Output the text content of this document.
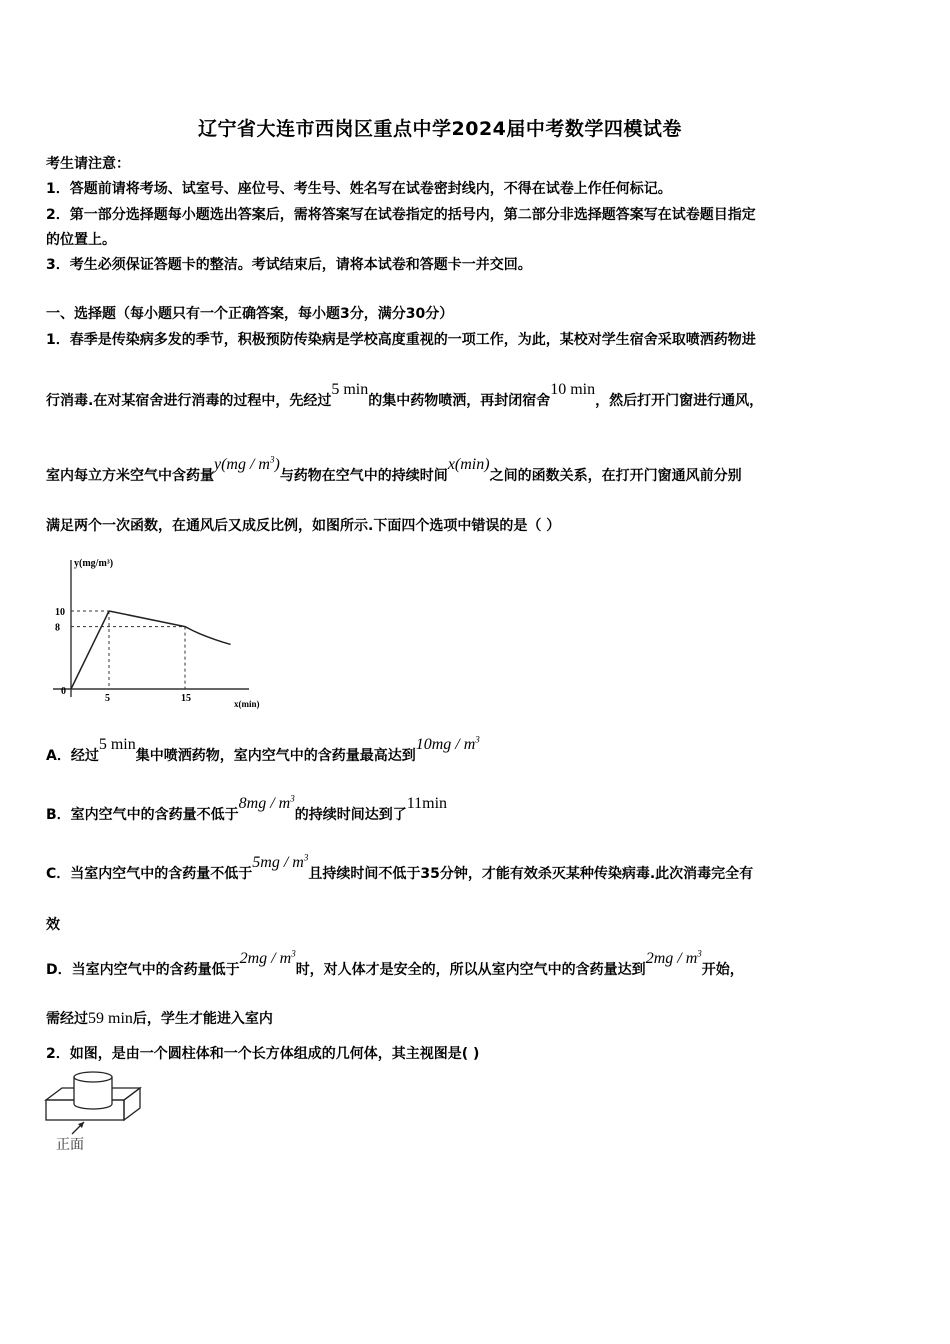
辽宁省大连市西岗区重点中学2024届中考数学四模试卷
考生请注意：
1．答题前请将考场、试室号、座位号、考生号、姓名写在试卷密封线内，不得在试卷上作任何标记。
2．第一部分选择题每小题选出答案后，需将答案写在试卷指定的括号内，第二部分非选择题答案写在试卷题目指定
的位置上。
3．考生必须保证答题卡的整洁。考试结束后，请将本试卷和答题卡一并交回。
一、选择题（每小题只有一个正确答案，每小题3分，满分30分）
1．春季是传染病多发的季节，积极预防传染病是学校高度重视的一项工作，为此，某校对学生宿舍采取喷洒药物进
行消毒.在对某宿舍进行消毒的过程中，先经过5 min的集中药物喷洒，再封闭宿舍10 min，然后打开门窗进行通风，
室内每立方米空气中含药量$y(mg / m^3)$与药物在空气中的持续时间x(min)之间的函数关系，在打开门窗通风前分别
满足两个一次函数，在通风后又成反比例，如图所示.下面四个选项中错误的是（ ）
y(mg/m³)
x(min)
10
8
0
5	15
A．经过5 min集中喷洒药物，室内空气中的含药量最高达到$10mg / m^3$
B．室内空气中的含药量不低于$8mg / m^3$的持续时间达到了11min
C．当室内空气中的含药量不低于$5mg / m^3$且持续时间不低于35分钟，才能有效杀灭某种传染病毒.此次消毒完全有
效
D．当室内空气中的含药量低于$2mg / m^3$时，对人体才是安全的，所以从室内空气中的含药量达到$2mg / m^3$开始，
需经过59 min后，学生才能进入室内
2．如图，是由一个圆柱体和一个长方体组成的几何体，其主视图是( )
正面
